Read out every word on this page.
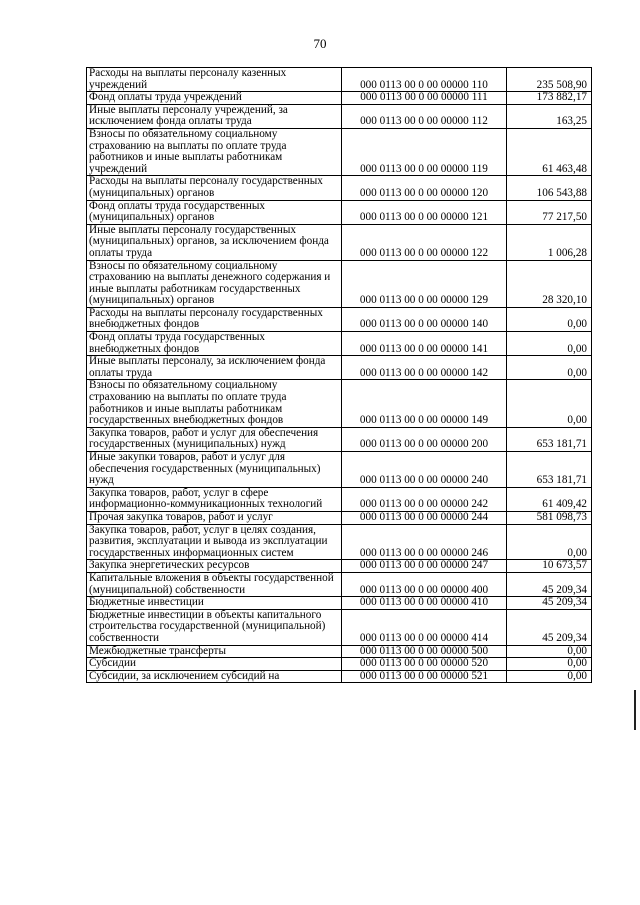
70
Расходы на выплаты персоналу казенных учреждений	000 0113 00 0 00 00000 110	235 508,90
Фонд оплаты труда учреждений	000 0113 00 0 00 00000 111	173 882,17
Иные выплаты персоналу учреждений, за исключением фонда оплаты труда	000 0113 00 0 00 00000 112	163,25
Взносы по обязательному социальному страхованию на выплаты по оплате труда работников и иные выплаты работникам учреждений	000 0113 00 0 00 00000 119	61 463,48
Расходы на выплаты персоналу государственных (муниципальных) органов	000 0113 00 0 00 00000 120	106 543,88
Фонд оплаты труда государственных (муниципальных) органов	000 0113 00 0 00 00000 121	77 217,50
Иные выплаты персоналу государственных (муниципальных) органов, за исключением фонда оплаты труда	000 0113 00 0 00 00000 122	1 006,28
Взносы по обязательному социальному страхованию на выплаты денежного содержания и иные выплаты работникам государственных (муниципальных) органов	000 0113 00 0 00 00000 129	28 320,10
Расходы на выплаты персоналу государственных внебюджетных фондов	000 0113 00 0 00 00000 140	0,00
Фонд оплаты труда государственных внебюджетных фондов	000 0113 00 0 00 00000 141	0,00
Иные выплаты персоналу, за исключением фонда оплаты труда	000 0113 00 0 00 00000 142	0,00
Взносы по обязательному социальному страхованию на выплаты по оплате труда работников и иные выплаты работникам государственных внебюджетных фондов	000 0113 00 0 00 00000 149	0,00
Закупка товаров, работ и услуг для обеспечения государственных (муниципальных) нужд	000 0113 00 0 00 00000 200	653 181,71
Иные закупки товаров, работ и услуг для обеспечения государственных (муниципальных) нужд	000 0113 00 0 00 00000 240	653 181,71
Закупка товаров, работ, услуг в сфере информационно-коммуникационных технологий	000 0113 00 0 00 00000 242	61 409,42
Прочая закупка товаров, работ и услуг	000 0113 00 0 00 00000 244	581 098,73
Закупка товаров, работ, услуг в целях создания, развития, эксплуатации и вывода из эксплуатации государственных информационных систем	000 0113 00 0 00 00000 246	0,00
Закупка энергетических ресурсов	000 0113 00 0 00 00000 247	10 673,57
Капитальные вложения в объекты государственной (муниципальной) собственности	000 0113 00 0 00 00000 400	45 209,34
Бюджетные инвестиции	000 0113 00 0 00 00000 410	45 209,34
Бюджетные инвестиции в объекты капитального строительства государственной (муниципальной) собственности	000 0113 00 0 00 00000 414	45 209,34
Межбюджетные трансферты	000 0113 00 0 00 00000 500	0,00
Субсидии	000 0113 00 0 00 00000 520	0,00
Субсидии, за исключением субсидий на	000 0113 00 0 00 00000 521	0,00
